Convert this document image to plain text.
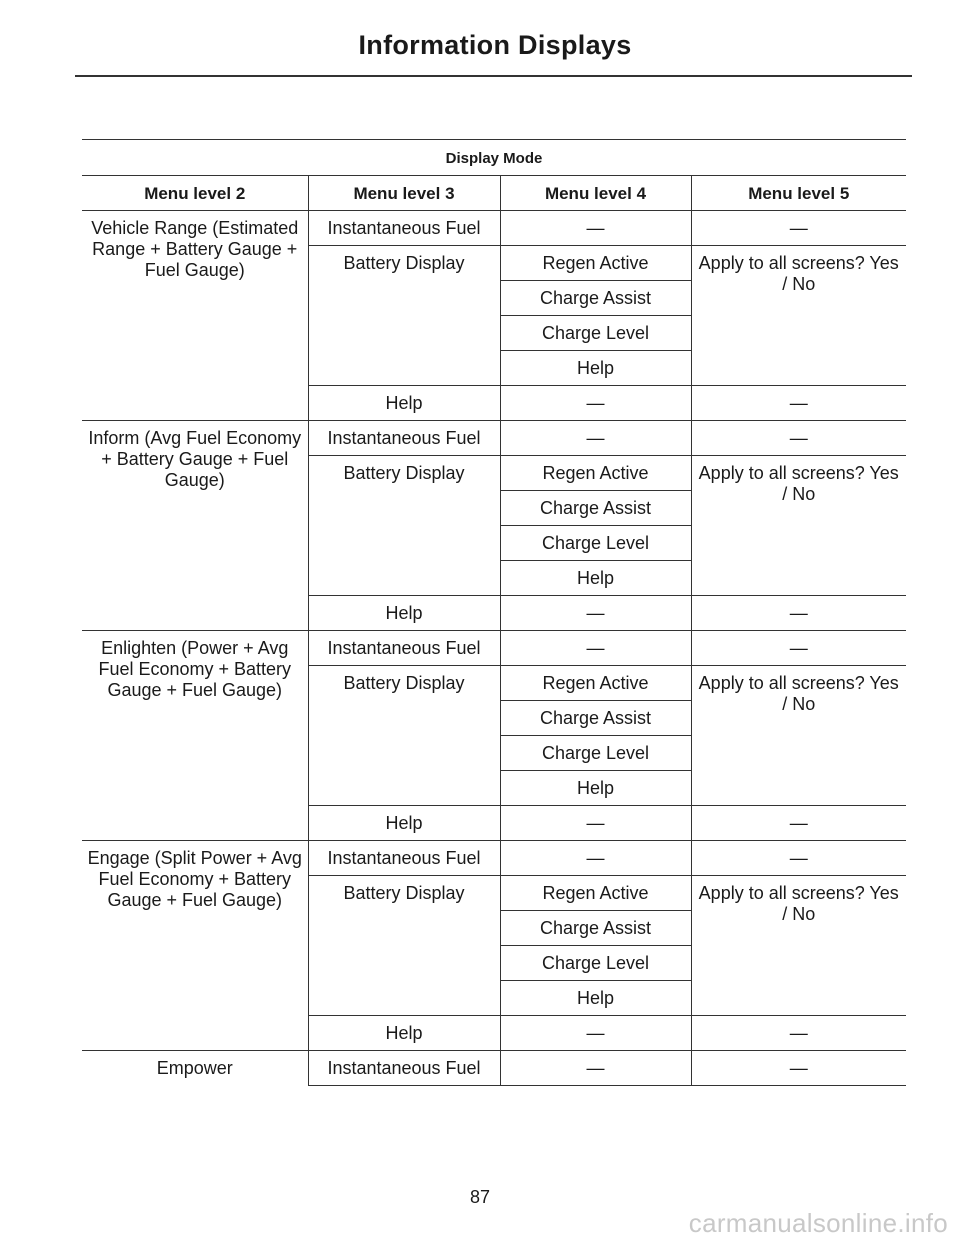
Information Displays
Display Mode			
Menu level 2	Menu level 3	Menu level 4	Menu level 5
Vehicle Range (Estimated Range + Battery Gauge + Fuel Gauge)	Instantaneous Fuel	—	—
	Battery Display	Regen Active	Apply to all screens? Yes / No
		Charge Assist	
		Charge Level	
		Help	
	Help	—	—
Inform (Avg Fuel Economy + Battery Gauge + Fuel Gauge)	Instantaneous Fuel	—	—
	Battery Display	Regen Active	Apply to all screens? Yes / No
		Charge Assist	
		Charge Level	
		Help	
	Help	—	—
Enlighten (Power + Avg Fuel Economy + Battery Gauge + Fuel Gauge)	Instantaneous Fuel	—	—
	Battery Display	Regen Active	Apply to all screens? Yes / No
		Charge Assist	
		Charge Level	
		Help	
	Help	—	—
Engage (Split Power + Avg Fuel Economy + Battery Gauge + Fuel Gauge)	Instantaneous Fuel	—	—
	Battery Display	Regen Active	Apply to all screens? Yes / No
		Charge Assist	
		Charge Level	
		Help	
	Help	—	—
Empower	Instantaneous Fuel	—	—
87
carmanualsonline.info
